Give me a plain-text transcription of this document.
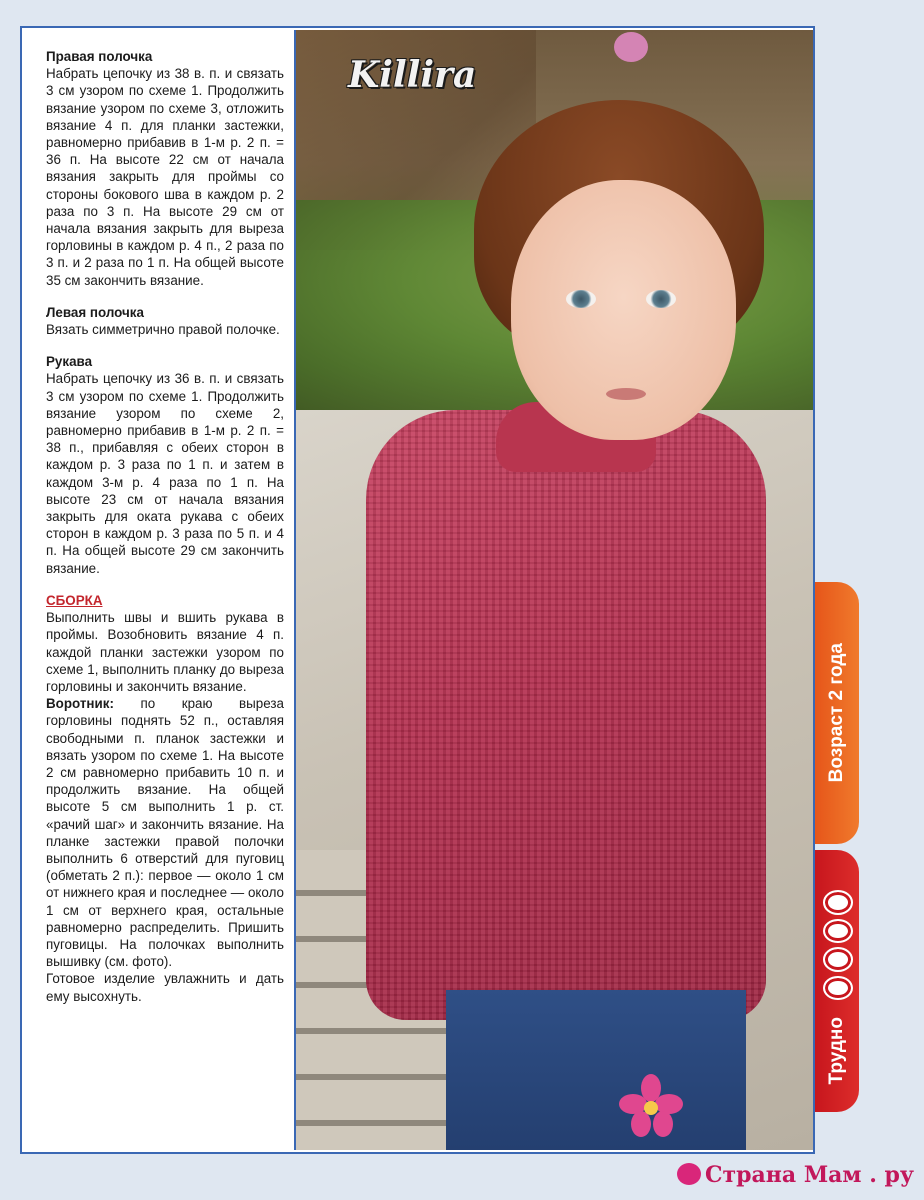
Правая полочка

Набрать цепочку из 38 в. п. и связать 3 см узором по схеме 1. Продолжить вязание узором по схеме 3, отложить вязание 4 п. для планки застежки, равномерно прибавив в 1-м р. 2 п. = 36 п. На высоте 22 см от начала вязания закрыть для проймы со стороны бокового шва в каждом р. 2 раза по 3 п. На высоте 29 см от начала вязания закрыть для выреза горловины в каждом р. 4 п., 2 раза по 3 п. и 2 раза по 1 п. На общей высоте 35 см закончить вязание.

Левая полочка

Вязать симметрично правой полочке.

Рукава

Набрать цепочку из 36 в. п. и связать 3 см узором по схеме 1. Продолжить вязание узором по схеме 2, равномерно прибавив в 1-м р. 2 п. = 38 п., прибавляя с обеих сторон в каждом р. 3 раза по 1 п. и затем в каждом 3-м р. 4 раза по 1 п. На высоте 23 см от начала вязания закрыть для оката рукава с обеих сторон в каждом р. 3 раза по 5 п. и 4 п. На общей высоте 29 см закончить вязание.

СБОРКА

Выполнить швы и вшить рукава в проймы. Возобновить вязание 4 п. каждой планки застежки узором по схеме 1, выполнить планку до выреза горловины и закончить вязание.

Воротник: по краю выреза горловины поднять 52 п., оставляя свободными п. планок застежки и вязать узором по схеме 1. На высоте 2 см равномерно прибавить 10 п. и продолжить вязание. На общей высоте 5 см выполнить 1 р. ст. «рачий шаг» и закончить вязание. На планке застежки правой полочки выполнить 6 отверстий для пуговиц (обметать 2 п.): первое — около 1 см от нижнего края и последнее — около 1 см от верхнего края, остальные равномерно распределить. Пришить пуговицы. На полочках выполнить вышивку (см. фото).

Готовое изделие увлажнить и дать ему высохнуть.

Killira
Возраст 2 года
Трудно
Страна Мам . ру
